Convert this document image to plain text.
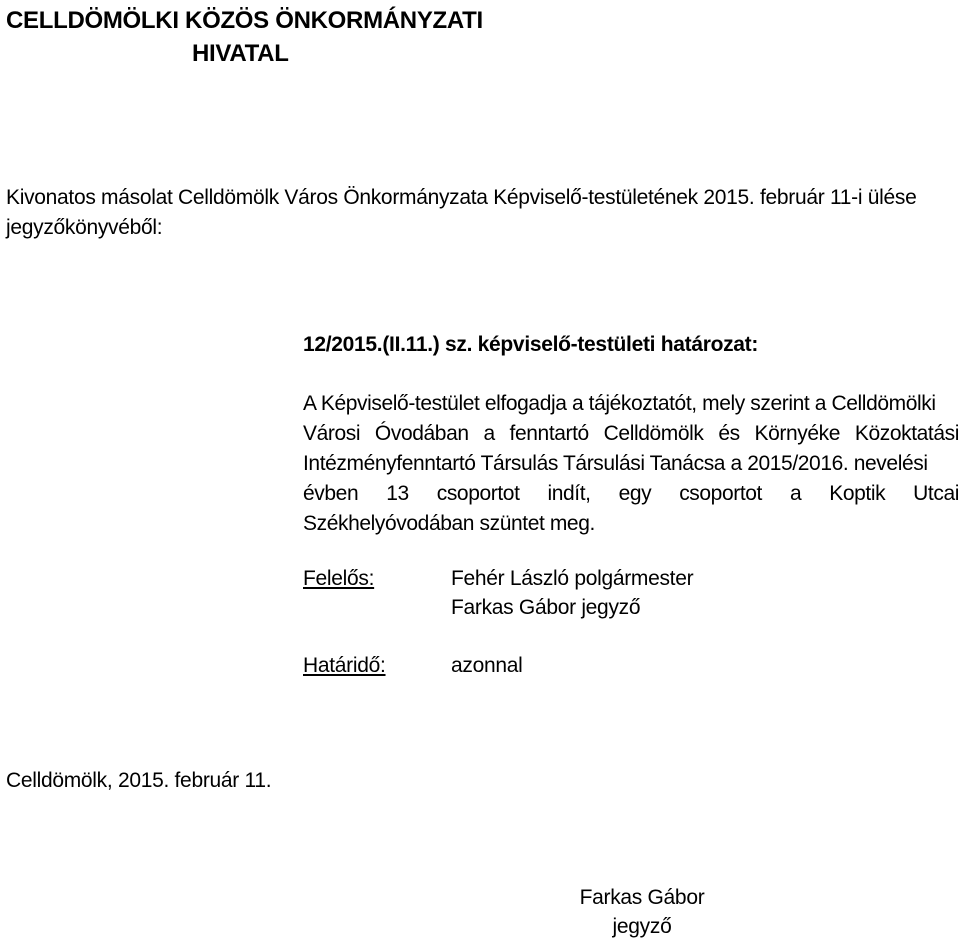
CELLDÖMÖLKI KÖZÖS ÖNKORMÁNYZATI
HIVATAL
Kivonatos másolat Celldömölk Város Önkormányzata Képviselő-testületének 2015. február 11-i ülése
jegyzőkönyvéből:
12/2015.(II.11.) sz. képviselő-testületi határozat:
A Képviselő-testület elfogadja a tájékoztatót, mely szerint a Celldömölki
Városi Óvodában a fenntartó Celldömölk és Környéke Közoktatási
Intézményfenntartó Társulás Társulási Tanácsa a 2015/2016. nevelési
évben 13 csoportot indít, egy csoportot a Koptik Utcai
Székhelyóvodában szüntet meg.
Felelős:	Fehér László polgármester
Farkas Gábor jegyző
Határidő:	azonnal
Celldömölk, 2015. február 11.
Farkas Gábor
jegyző
